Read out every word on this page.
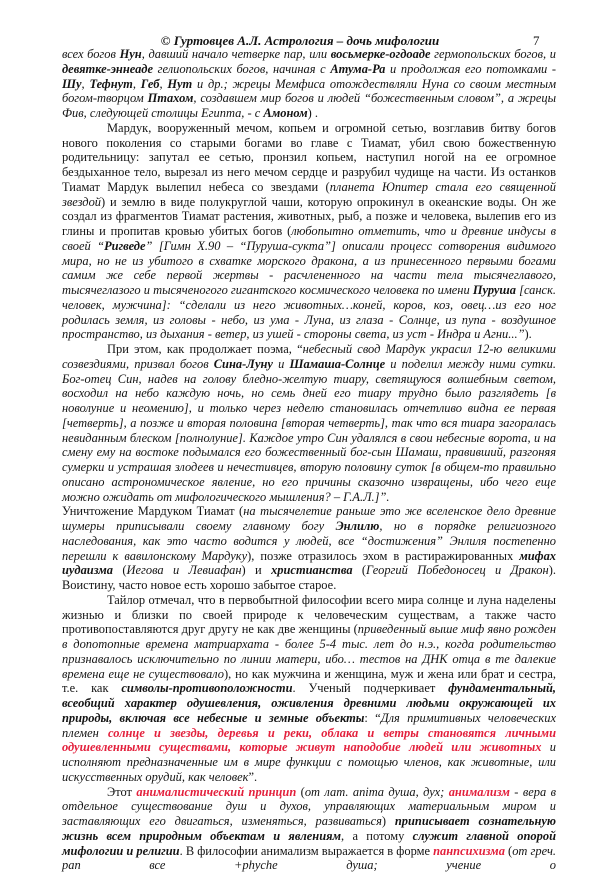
© Гуртовцев А.Л. Астрология – дочь мифологии	7

всех богов Нун, давший начало четверке пар, или восьмерке-огдоаде гермопольских богов, и девятке-эннеаде гелиопольских богов, начиная с Атума-Ра и продолжая его потомками - Шу, Тефнут, Геб, Нут и др.; жрецы Мемфиса отождествляли Нуна со своим местным богом-творцом Птахом, создавшем мир богов и людей “божественным словом”, а жрецы Фив, следующей столицы Египта, - с Амоном) .

Мардук, вооруженный мечом, копьем и огромной сетью, возглавив битву богов нового поколения со старыми богами во главе с Тиамат, убил свою божественную родительницу: запутал ее сетью, пронзил копьем, наступил ногой на ее огромное бездыханное тело, вырезал из него мечом сердце и разрубил чудище на части. Из останков Тиамат Мардук вылепил небеса со звездами (планета Юпитер стала его священной звездой) и землю в виде полукруглой чаши, которую опрокинул в океанские воды. Он же создал из фрагментов Тиамат растения, животных, рыб, а позже и человека, вылепив его из глины и пропитав кровью убитых богов (любопытно отметить, что и древние индусы в своей “Ригведе” [Гимн X.90 – “Пуруша-сукта”] описали процесс сотворения видимого мира, но не из убитого в схватке морского дракона, а из принесенного первыми богами самим же себе первой жертвы - расчлененного на части тела тысячеглавого, тысячеглазого и тысяченогого гигантского космического человека по имени Пуруша [санск. человек, мужчина]: “сделали из него животных…коней, коров, коз, овец…из его ног родилась земля, из головы - небо, из ума - Луна, из глаза - Солнце, из пупа - воздушное пространство, из дыхания - ветер, из ушей - стороны света, из уст - Индра и Агни...”).

При этом, как продолжает поэма, “небесный свод Мардук украсил 12-ю великими созвездиями, призвал богов Сина-Луну и Шамаша-Солнце и поделил между ними сутки. Бог-отец Син, надев на голову бледно-желтую тиару, светящуюся волшебным светом, восходил на небо каждую ночь, но семь дней его тиару трудно было разглядеть [в новолуние и неомению], и только через неделю становилась отчетливо видна ее первая [четверть], а позже и вторая половина [вторая четверть], так что вся тиара загоралась невиданным блеском [полнолуние]. Каждое утро Син удалялся в свои небесные ворота, и на смену ему на востоке подымался его божественный бог-сын Шамаш, правивший, разгоняя сумерки и устрашая злодеев и нечестивцев, вторую половину суток [в общем-то правильно описано астрономическое явление, но его причины сказочно извращены, ибо чего еще можно ожидать от мифологического мышления? – Г.А.Л.]”.

Уничтожение Мардуком Тиамат (на тысячелетие раньше это же вселенское дело древние шумеры приписывали своему главному богу Энлилю, но в порядке религиозного наследования, как это часто водится у людей, все “достижения” Энлиля постепенно перешли к вавилонскому Мардуку), позже отразилось эхом в растиражированных мифах иудаизма (Иегова и Левиафан) и христианства (Георгий Победоносец и Дракон). Воистину, часто новое есть хорошо забытое старое.

Тайлор отмечал, что в первобытной философии всего мира солнце и луна наделены жизнью и близки по своей природе к человеческим существам, а также часто противопоставляются друг другу не как две женщины (приведенный выше миф явно рожден в допотопные времена матриархата - более 5-4 тыс. лет до н.э., когда родительство признавалось исключительно по линии матери, ибо… тестов на ДНК отца в те далекие времена еще не существовало), но как мужчина и женщина, муж и жена или брат и сестра, т.е. как символы-противоположности. Ученый подчеркивает фундаментальный, всеобщий характер одушевления, оживления древними людьми окружающей их природы, включая все небесные и земные объекты: “Для примитивных человеческих племен солнце и звезды, деревья и реки, облака и ветры становятся личными одушевленными существами, которые живут наподобие людей или животных и исполняют предназначенные им в мире функции с помощью членов, как животные, или искусственных орудий, как человек”.

Этот анималистический принцип (от лат. anima душа, дух; анимализм - вера в отдельное существование душ и духов, управляющих материальным миром и заставляющих его двигаться, изменяться, развиваться) приписывает сознательную жизнь всем природным объектам и явлениям, а потому служит главной опорой мифологии и религии. В философии анимализм выражается в форме панпсихизма (от греч. pan все +phyche душа; учение о
